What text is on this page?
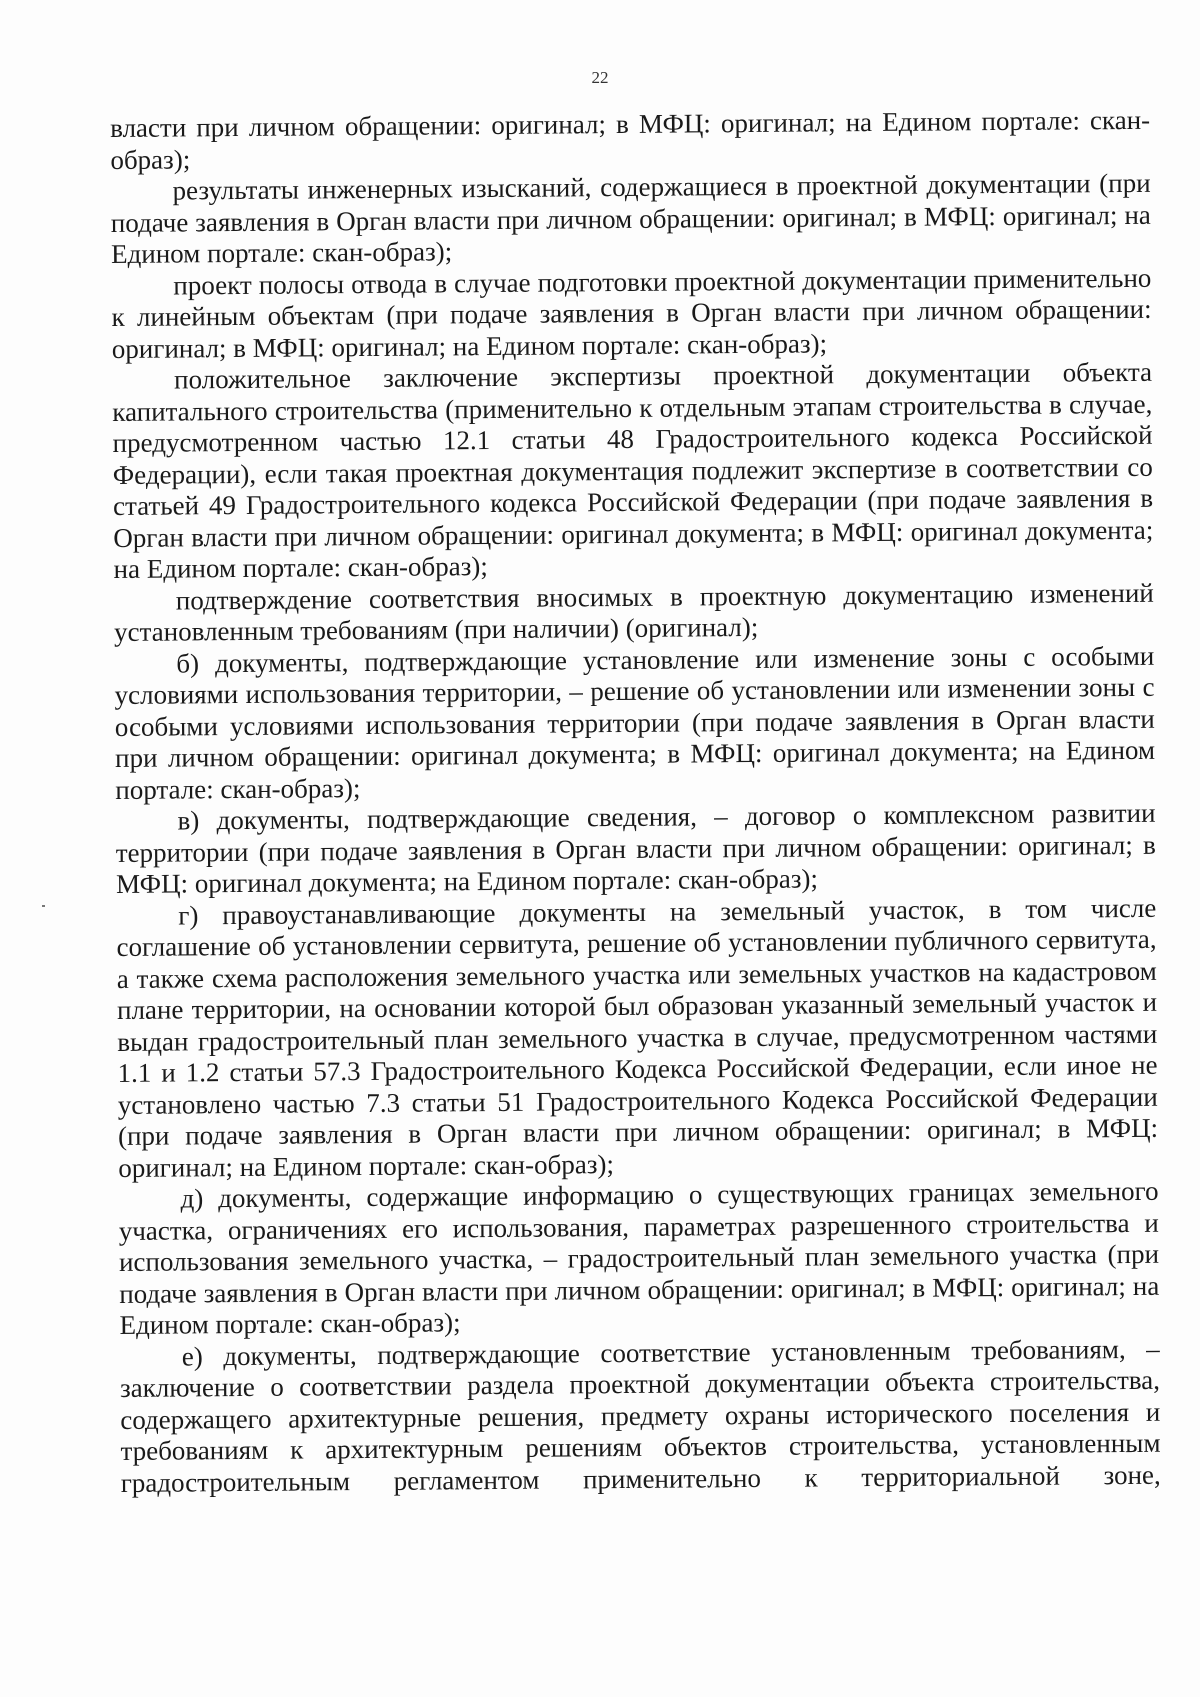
22

власти при личном обращении: оригинал; в МФЦ: оригинал; на Едином портале: скан-образ);

результаты инженерных изысканий, содержащиеся в проектной документации (при подаче заявления в Орган власти при личном обращении: оригинал; в МФЦ: оригинал; на Едином портале: скан-образ);

проект полосы отвода в случае подготовки проектной документации применительно к линейным объектам (при подаче заявления в Орган власти при личном обращении: оригинал; в МФЦ: оригинал; на Едином портале: скан-образ);

положительное заключение экспертизы проектной документации объекта капитального строительства (применительно к отдельным этапам строительства в случае, предусмотренном частью 12.1 статьи 48 Градостроительного кодекса Российской Федерации), если такая проектная документация подлежит экспертизе в соответствии со статьей 49 Градостроительного кодекса Российской Федерации (при подаче заявления в Орган власти при личном обращении: оригинал документа; в МФЦ: оригинал документа; на Едином портале: скан-образ);

подтверждение соответствия вносимых в проектную документацию изменений установленным требованиям (при наличии) (оригинал);

б) документы, подтверждающие установление или изменение зоны с особыми условиями использования территории, – решение об установлении или изменении зоны с особыми условиями использования территории (при подаче заявления в Орган власти при личном обращении: оригинал документа; в МФЦ: оригинал документа; на Едином портале: скан-образ);

в) документы, подтверждающие сведения, – договор о комплексном развитии территории (при подаче заявления в Орган власти при личном обращении: оригинал; в МФЦ: оригинал документа; на Едином портале: скан-образ);

г) правоустанавливающие документы на земельный участок, в том числе соглашение об установлении сервитута, решение об установлении публичного сервитута, а также схема расположения земельного участка или земельных участков на кадастровом плане территории, на основании которой был образован указанный земельный участок и выдан градостроительный план земельного участка в случае, предусмотренном частями 1.1 и 1.2 статьи 57.3 Градостроительного Кодекса Российской Федерации, если иное не установлено частью 7.3 статьи 51 Градостроительного Кодекса Российской Федерации (при подаче заявления в Орган власти при личном обращении: оригинал; в МФЦ: оригинал; на Едином портале: скан-образ);

д) документы, содержащие информацию о существующих границах земельного участка, ограничениях его использования, параметрах разрешенного строительства и использования земельного участка, – градостроительный план земельного участка (при подаче заявления в Орган власти при личном обращении: оригинал; в МФЦ: оригинал; на Едином портале: скан-образ);

е) документы, подтверждающие соответствие установленным требованиям, – заключение о соответствии раздела проектной документации объекта строительства, содержащего архитектурные решения, предмету охраны исторического поселения и требованиям к архитектурным решениям объектов строительства, установленным градостроительным регламентом применительно к территориальной зоне,
